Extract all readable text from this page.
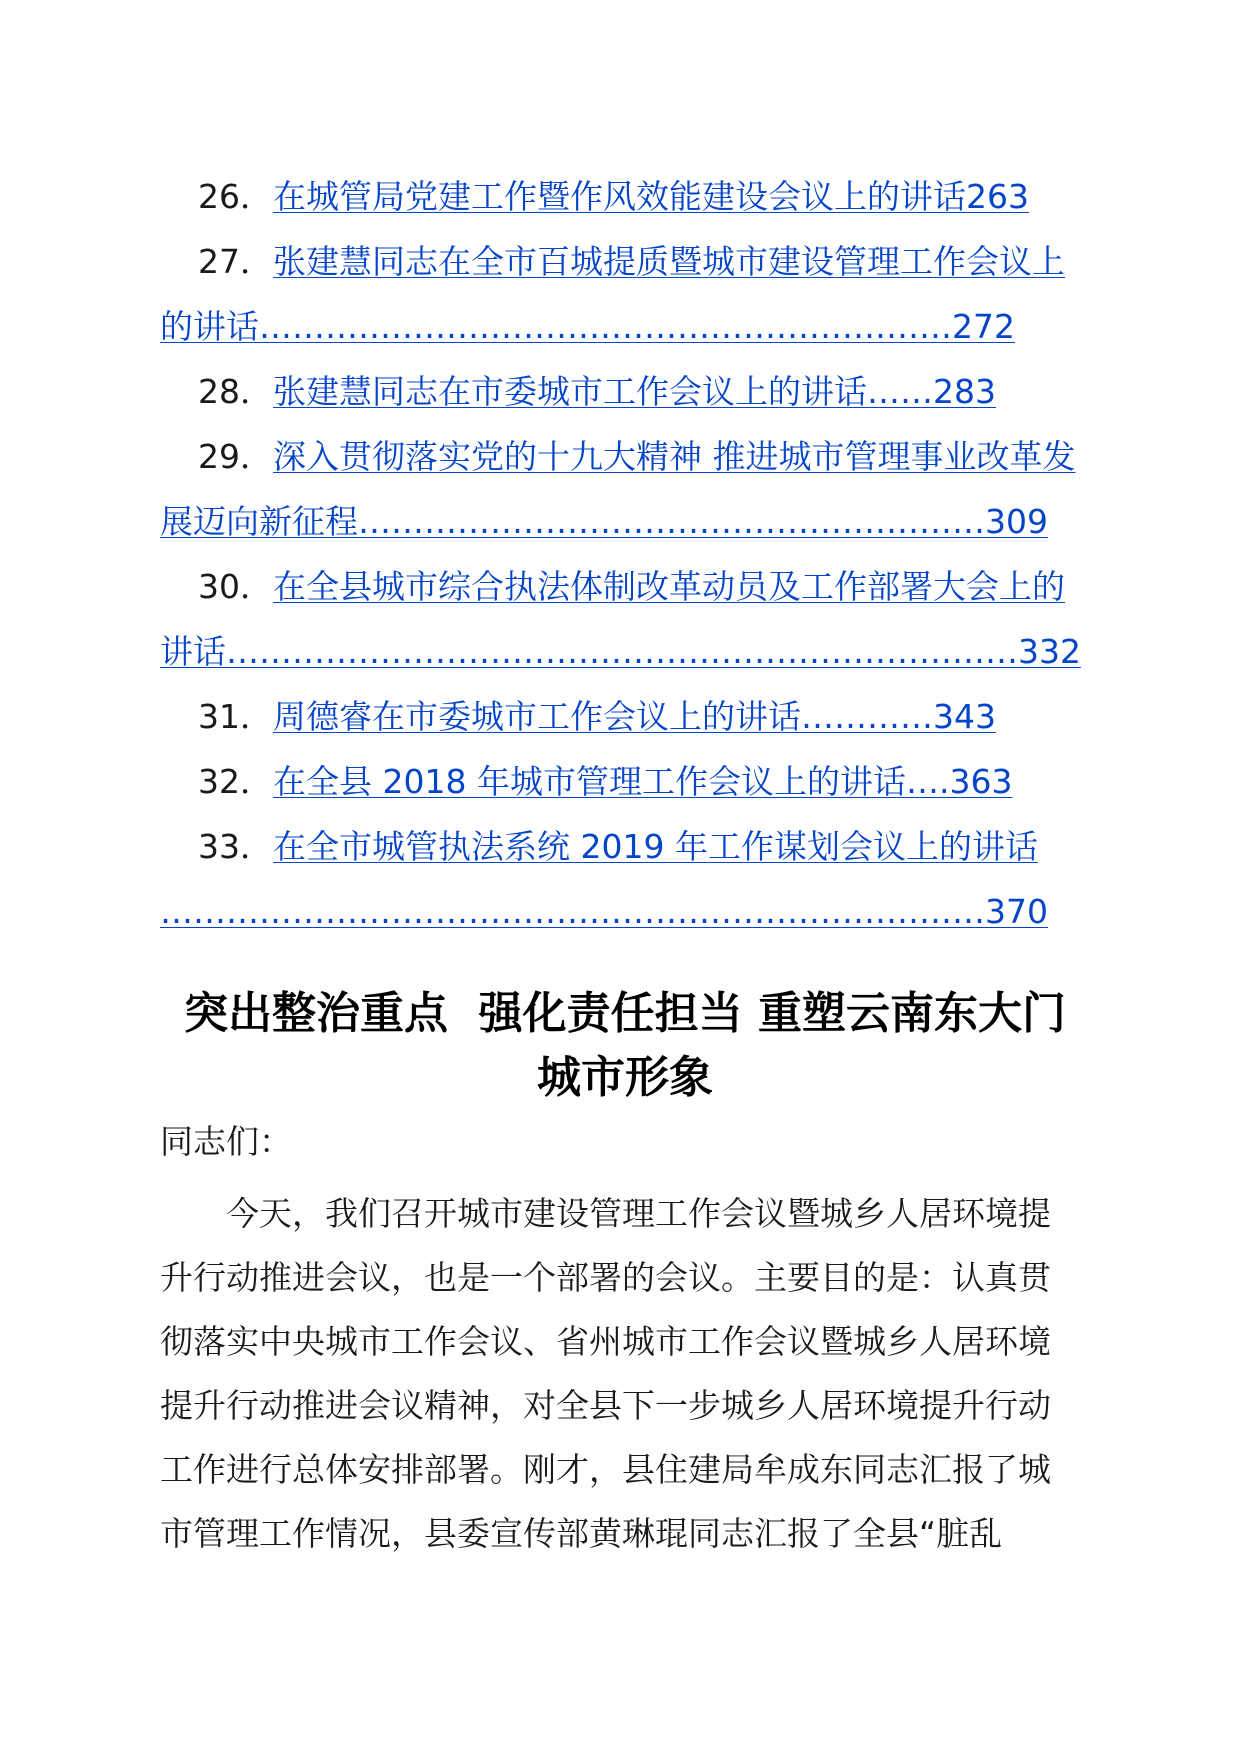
26．在城管局党建工作暨作风效能建设会议上的讲话263
27．张建慧同志在全市百城提质暨城市建设管理工作会议上
的讲话………………………………………………………272
28．张建慧同志在市委城市工作会议上的讲话……283
29．深入贯彻落实党的十九大精神 推进城市管理事业改革发
展迈向新征程…………………………………………………309
30．在全县城市综合执法体制改革动员及工作部署大会上的
讲话………………………………………………………………332
31．周德睿在市委城市工作会议上的讲话…………343
32．在全县 2018 年城市管理工作会议上的讲话….363
33．在全市城管执法系统 2019 年工作谋划会议上的讲话
…………………………………………………………………370
突出整治重点  强化责任担当 重塑云南东大门
城市形象
同志们：
今天，我们召开城市建设管理工作会议暨城乡人居环境提
升行动推进会议，也是一个部署的会议。主要目的是：认真贯
彻落实中央城市工作会议、省州城市工作会议暨城乡人居环境
提升行动推进会议精神，对全县下一步城乡人居环境提升行动
工作进行总体安排部署。刚才，县住建局牟成东同志汇报了城
市管理工作情况，县委宣传部黄琳琨同志汇报了全县“脏乱
